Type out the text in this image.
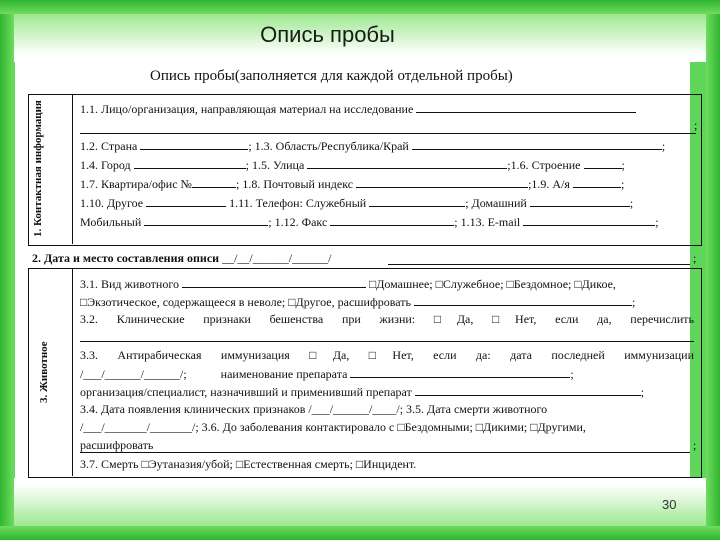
Опись пробы
Опись пробы(заполняется для каждой отдельной пробы)
1. Контактная информация	1.1. Лицо/организация, направляющая материал на исследование
;
1.2. Страна	; 1.3. Область/Республика/Край	;
1.4. Город	; 1.5. Улица	;1.6. Строение	;
1.7. Квартира/офис №	; 1.8. Почтовый индекс	;1.9. А/я	;
1.10. Другое	1.11. Телефон: Служебный	; Домашний	;
Мобильный	; 1.12. Факс	; 1.13. E-mail	;
2. Дата и место составления описи __/__/______/______/	;
3. Животное
3.1. Вид животного	□Домашнее; □Служебное; □Бездомное; □Дикое,
□Экзотическое, содержащееся в неволе; □Другое, расшифровать	;
3.2. Клинические признаки бешенства при жизни: □Да, □Нет, если да, перечислить
3.3. Антирабическая иммунизация □Да, □Нет, если да: дата последней иммунизации
/___/______/______/;	наименование препарата	;
организация/специалист, назначивший и применивший препарат	;
3.4. Дата появления клинических признаков /___/______/____/; 3.5. Дата смерти животного
/___/_______/_______/; 3.6. До заболевания контактировало с □Бездомными; □Дикими; □Другими,
расшифровать	;
3.7. Смерть □Эутаназия/убой; □Естественная смерть; □Инцидент.
30
